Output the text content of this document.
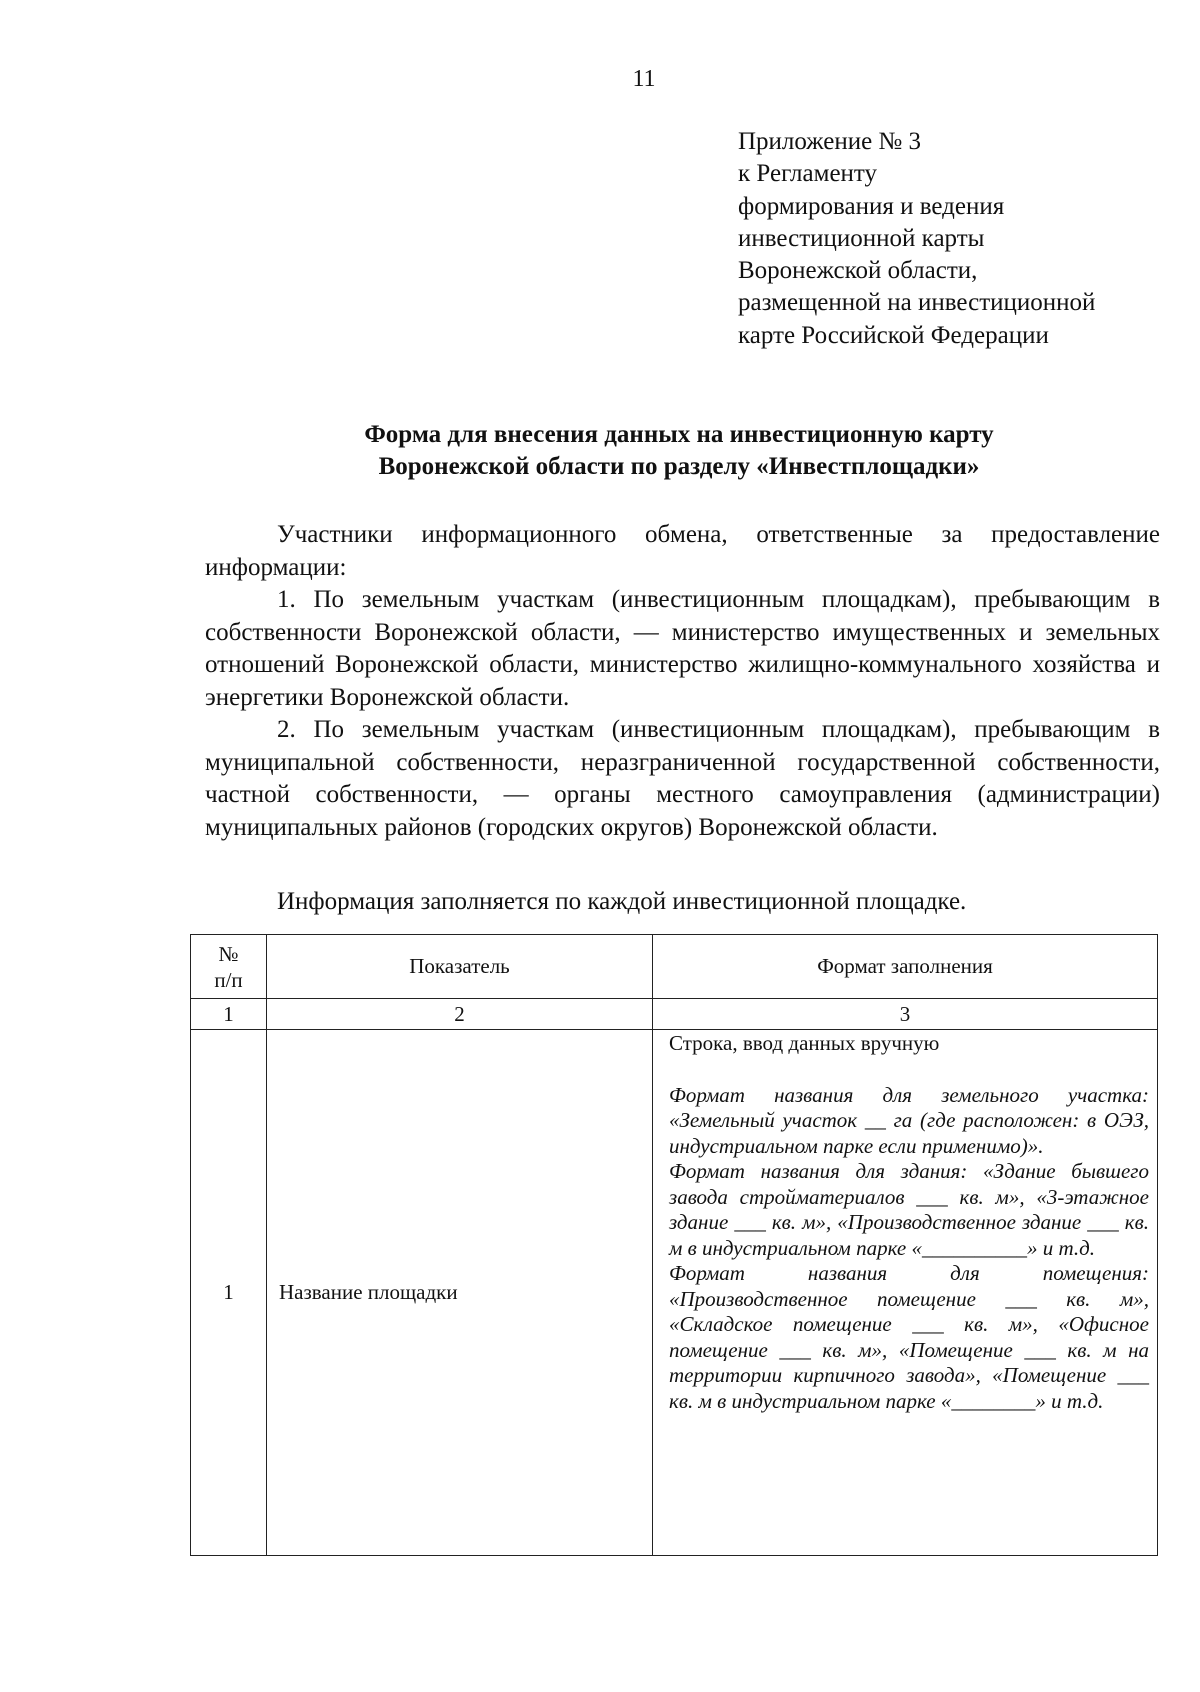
11
Приложение № 3
к Регламенту
формирования и ведения
инвестиционной карты
Воронежской области,
размещенной на инвестиционной
карте Российской Федерации
Форма для внесения данных на инвестиционную карту
Воронежской области по разделу «Инвестплощадки»

Участники информационного обмена, ответственные за предоставление информации:

1. По земельным участкам (инвестиционным площадкам), пребывающим в собственности Воронежской области, — министерство имущественных и земельных отношений Воронежской области, министерство жилищно-коммунального хозяйства и энергетики Воронежской области.

2. По земельным участкам (инвестиционным площадкам), пребывающим в муниципальной собственности, неразграниченной государственной собственности, частной собственности, — органы местного самоуправления (администрации) муниципальных районов (городских округов) Воронежской области.

Информация заполняется по каждой инвестиционной площадке.
№
п/п	Показатель	Формат заполнения
1	2	3
1	Название площадки	Строка, ввод данных вручную
Формат названия для земельного участка: «Земельный участок __ га (где расположен: в ОЭЗ, индустриальном парке если применимо)».
Формат названия для здания: «Здание бывшего завода стройматериалов ___ кв. м», «3-этажное здание ___ кв. м», «Производственное здание ___ кв. м в индустриальном парке «__________» и т.д.
Формат названия для помещения: «Производственное помещение ___ кв. м», «Складское помещение ___ кв. м», «Офисное помещение ___ кв. м», «Помещение ___ кв. м на территории кирпичного завода», «Помещение ___ кв. м в индустриальном парке «________» и т.д.
